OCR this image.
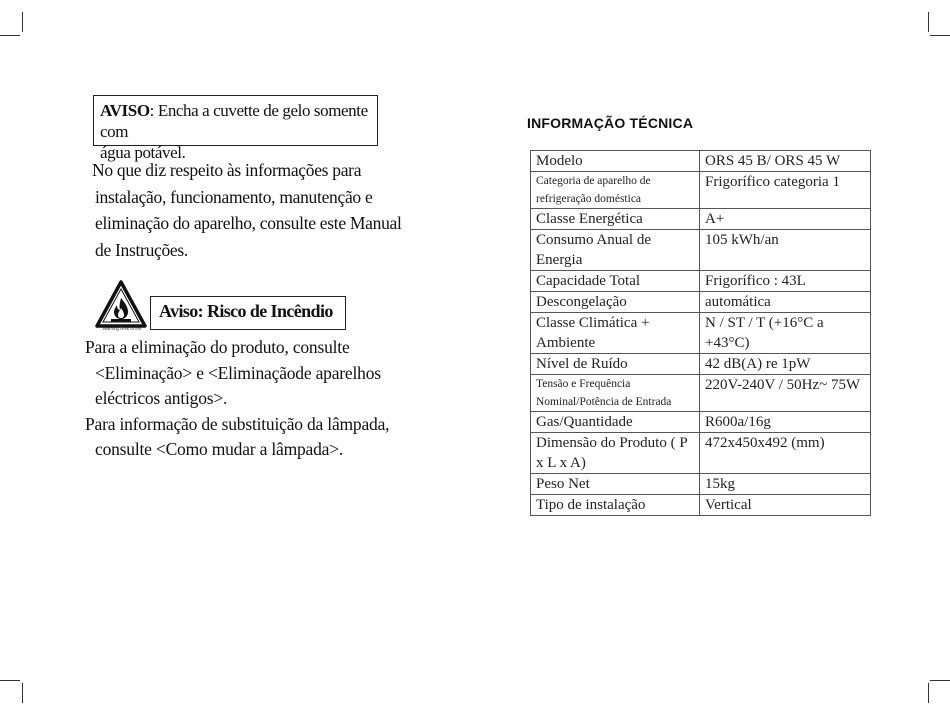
AVISO: Encha a cuvette de gelo somente com
água potável.
No que diz respeito às informações para
instalação, funcionamento, manutenção e
eliminação do aparelho, consulte este Manual
de Instruções.
Warning Risk of fire
Aviso: Risco de Incêndio
Para a eliminação do produto, consulte
<Eliminação> e <Eliminaçãode aparelhos
eléctricos antigos>.
Para informação de substituição da lâmpada,
consulte <Como mudar a lâmpada>.
INFORMAÇÃO TÉCNICA
Modelo	ORS 45 B/ ORS 45 W
Categoria de aparelho de refrigeração doméstica	Frigorífico categoria 1
Classe Energética	A+
Consumo Anual de Energia	105 kWh/an
Capacidade Total	Frigorífico : 43L
Descongelação	automática
Classe Climática + Ambiente	N / ST / T (+16°C a +43°C)
Nível de Ruído	42 dB(A) re 1pW
Tensão e Frequência Nominal/Potência de Entrada	220V-240V / 50Hz~ 75W
Gas/Quantidade	R600a/16g
Dimensão do Produto ( P x L x A)	472x450x492 (mm)
Peso Net	15kg
Tipo de instalação	Vertical
